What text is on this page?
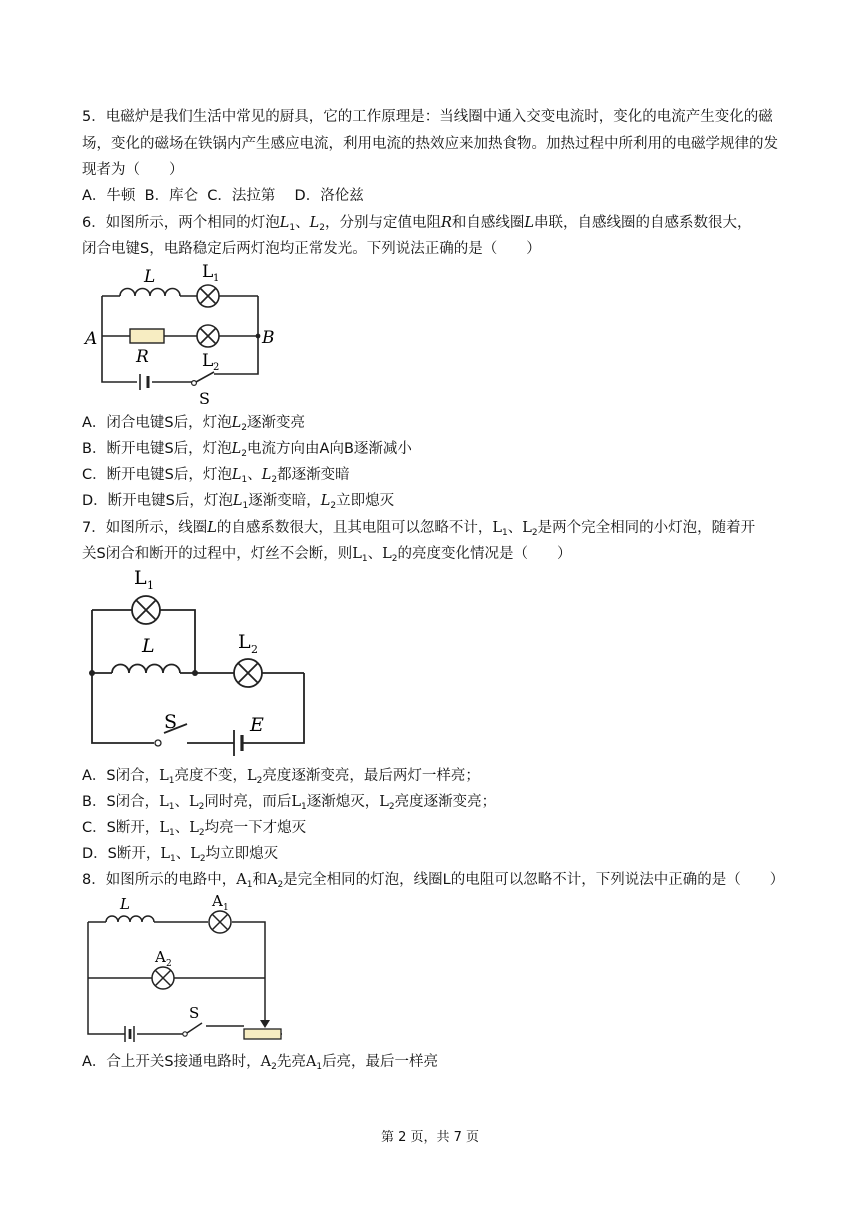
5．电磁炉是我们生活中常见的厨具，它的工作原理是：当线圈中通入交变电流时，变化的电流产生变化的磁
场，变化的磁场在铁锅内产生感应电流，利用电流的热效应来加热食物。加热过程中所利用的电磁学规律的发
现者为（　　）
A．牛顿  B．库仑  C．法拉第　 D．洛伦兹
6．如图所示，两个相同的灯泡$L_1$、$L_2$，分别与定值电阻R和自感线圈L串联，自感线圈的自感系数很大，
闭合电键S，电路稳定后两灯泡均正常发光。下列说法正确的是（　　）
L	L 1
A	B
R	L 2
S
A．闭合电键S后，灯泡$L_2$逐渐变亮
B．断开电键S后，灯泡$L_2$电流方向由A向B逐渐减小
C．断开电键S后，灯泡$L_1$、$L_2$都逐渐变暗
D．断开电键S后，灯泡$L_1$逐渐变暗，$L_2$立即熄灭
7．如图所示，线圈L的自感系数很大，且其电阻可以忽略不计，$L_1$、$L_2$是两个完全相同的小灯泡，随着开
关S闭合和断开的过程中，灯丝不会断，则$L_1$、$L_2$的亮度变化情况是（　　）
L 1
L	L 2
S	E
A．S闭合，$L_1$亮度不变，$L_2$亮度逐渐变亮，最后两灯一样亮；
B．S闭合，$L_1$、$L_2$同时亮，而后$L_1$逐渐熄灭，$L_2$亮度逐渐变亮；
C．S断开，$L_1$、$L_2$均亮一下才熄灭
D．S断开，$L_1$、$L_2$均立即熄灭
8．如图所示的电路中，$A_1$和$A_2$是完全相同的灯泡，线圈L的电阻可以忽略不计，下列说法中正确的是（　　）
L	A 1
A 2
S
A．合上开关S接通电路时，$A_2$先亮$A_1$后亮，最后一样亮
第 2 页，共 7 页
